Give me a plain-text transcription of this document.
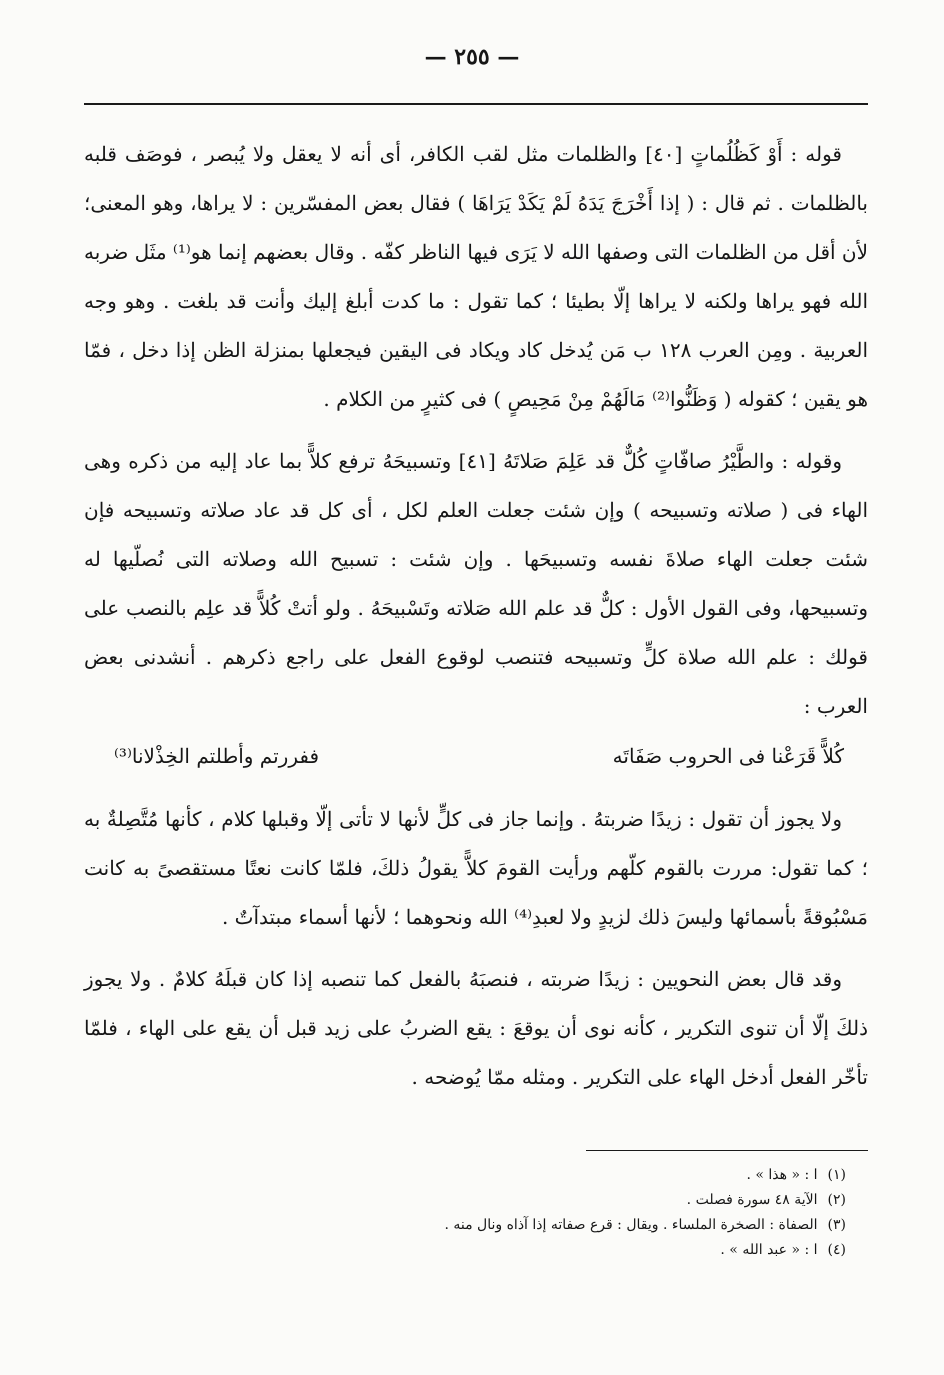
— ٢٥٥ —

قوله : أَوْ كَظُلُماتٍ [٤٠] والظلمات مثل لقب الكافر، أى أنه لا يعقل ولا يُبصر ، فوصَف قلبه بالظلمات . ثم قال : ( إذا أَخْرَجَ يَدَهُ لَمْ يَكَدْ يَرَاهَا ) فقال بعض المفسّرين : لا يراها، وهو المعنى؛ لأن أقل من الظلمات التى وصفها الله لا يَرَى فيها الناظر كفّه . وقال بعضهم إنما هو⁽¹⁾ مثَل ضربه الله فهو يراها ولكنه لا يراها إلّا بطيئا ؛ كما تقول : ما كدت أبلغ إليك وأنت قد بلغت . وهو وجه العربية . ومِن العرب ١٢٨ ب مَن يُدخل كاد ويكاد فى اليقين فيجعلها بمنزلة الظن إذا دخل ، فمّا هو يقين ؛ كقوله ( وَظَنُّوا⁽²⁾ مَالَهُمْ مِنْ مَحِيصٍ ) فى كثيرٍ من الكلام .

وقوله : والطَّيْرُ صافّاتٍ كُلٌّ قد عَلِمَ صَلاتَهُ [٤١] وتسبيحَهُ ترفع كلاًّ بما عاد إليه من ذكره وهى الهاء فى ( صلاته وتسبيحه ) وإن شئت جعلت العلم لكل ، أى كل قد عاد صلاته وتسبيحه فإن شئت جعلت الهاء صلاةَ نفسه وتسبيحَها . وإن شئت : تسبيح الله وصلاته التى نُصلّيها له وتسبيحها، وفى القول الأول : كلٌّ قد علم الله صَلاته وتَسْبيحَهُ . ولو أتتْ كُلاًّ قد علِم بالنصب على قولك : علم الله صلاة كلٍّ وتسبيحه فتنصب لوقوع الفعل على راجع ذكرهم . أنشدنى بعض العرب :

كُلاًّ قَرَعْنا فى الحروب صَفَاتَه
ففررتم وأطلتم الخِذْلانا⁽³⁾

ولا يجوز أن تقول : زيدًا ضربتهُ . وإنما جاز فى كلٍّ لأنها لا تأتى إلّا وقبلها كلام ، كأنها مُتَّصِلةٌ به ؛ كما تقول: مررت بالقوم كلّهم ورأيت القومَ كلاًّ يقولُ ذلكَ، فلمّا كانت نعتًا مستقصىً به كانت مَسْبُوقةً بأسمائها وليسَ ذلك لزيدٍ ولا لعبدِ⁽⁴⁾ الله ونحوهما ؛ لأنها أسماء مبتدآتٌ .

وقد قال بعض النحويين : زيدًا ضربته ، فنصبَهُ بالفعل كما تنصبه إذا كان قبلَهُ كلامٌ . ولا يجوز ذلكَ إلّا أن تنوى التكرير ، كأنه نوى أن يوقعَ : يقع الضربُ على زيد قبل أن يقع على الهاء ، فلمّا تأخّر الفعل أدخل الهاء على التكرير . ومثله ممّا يُوضحه .

(١)ا : « هذا » .
(٢)الآية ٤٨ سورة فصلت .
(٣)الصفاة : الصخرة الملساء . ويقال : قرع صفاته إذا آذاه ونال منه .
(٤)ا : « عبد الله » .
